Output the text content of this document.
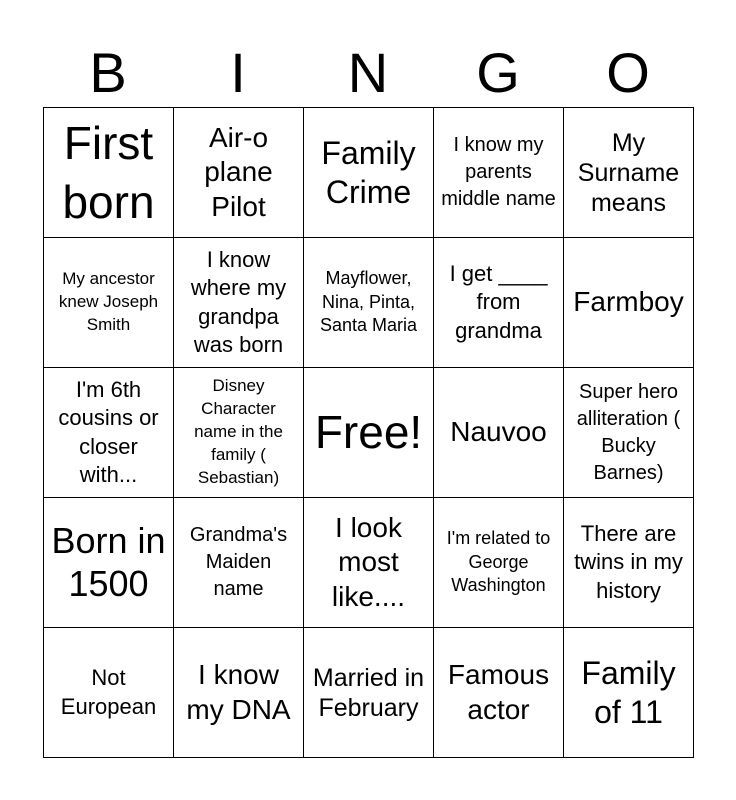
B	I	N	G	O
First born
Air-o plane Pilot
Family Crime
I know my parents middle name
My Surname means
My ancestor knew Joseph Smith
I know where my grandpa was born
Mayflower, Nina, Pinta, Santa Maria
I get ____ from grandma
Farmboy
I'm 6th cousins or closer with...
Disney Character name in the family ( Sebastian)
Free!	Nauvoo
Super hero alliteration ( Bucky Barnes)
Born in 1500
Grandma's Maiden name
I look most like....
I'm related to George Washington
There are twins in my history
Not European
I know my DNA
Married in February
Famous actor
Family of 11
